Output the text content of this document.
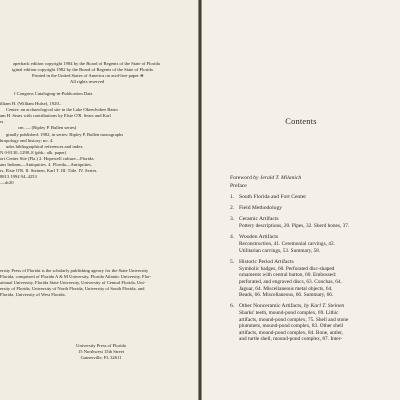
aperback edition copyright 1984 by the Board of Regents of the State of Florida
iginal edition copyright 1982 by the Board of Regents of the State of Florida
Printed in the United States of America on acid-free paper ⊜
All rights reserved
f Congress Cataloging-in-Publication Data
illiam H. (William Hulse), 1920–
Center: an archaeological site in the Lake Okeechobee Basin
am H. Sears with contributions by Elsie O'R. Sears and Karl
rs.
cm. — (Ripley P. Bullen series)
ginally published: 1982, in series: Ripley P. Bullen monographs
hropology and history; no. 4.
udes bibliographical references and index.
N 0-8130–1298–8 (pbk.: alk. paper)
ort Center Site (Fla.) 2. Hopewell culture—Florida.
ans Indians—Antiquities. 4. Florida—Antiquities.
rs, Elsie O'R. II. Steinen, Karl T. III. Title. IV. Series.
8813 1994 94–4253
—dc20
ersity Press of Florida is the scholarly publishing agency for the State University
Florida, comprised of Florida A & M University, Florida Atlantic University, Flor-
ational University, Florida State University, University of Central Florida, Uni-
ersity of Florida, University of North Florida, University of South Florida, and
Florida, University of West Florida.
University Press of Florida
15 Northwest 15th Street
Gainesville, FL 32611
Contents
Foreword by Jerald T. Milanich
Preface
1. South Florida and Fort Center
2. Field Methodology
3. Ceramic Artifacts
Pottery descriptions, 20. Pipes, 32. Sherd hones, 37.
4. Wooden Artifacts
Reconstruction, 41. Ceremonial carvings, 42.
Utilitarian carvings, 53. Summary, 58.
5. Historic Period Artifacts
Symbolic badges, 60. Perforated disc-shaped
ornaments with central button, 60. Embossed:
perforated, and engraved discs, 63. Conchas, 64.
Jaguar, 64. Miscellaneous metal objects, 64.
Beads, 66. Miscellaneous, 66. Summary, 66.
6. Other Nonceramic Artifacts, by Karl T. Steinen
Sharks' teeth, mound-pond complex, 69. Lithic
artifacts, mound-pond complex, 75. Shell and stone
plummets, mound-pond complex, 83. Other shell
artifacts, mound-pond complex, 84. Bone, antler,
and turtle shell, mound-pond complex, 87. Inter-
